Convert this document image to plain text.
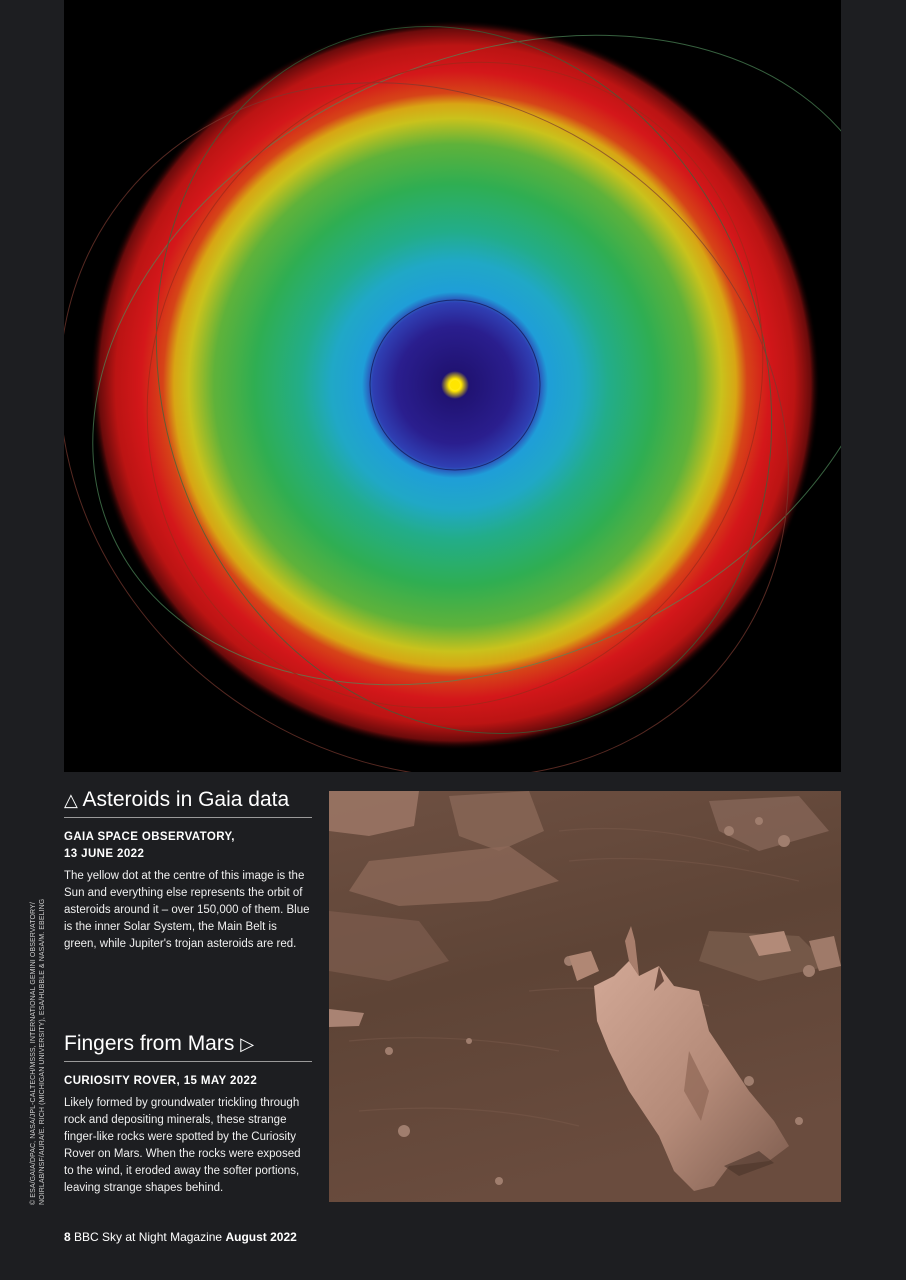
△ Asteroids in Gaia data
GAIA SPACE OBSERVATORY,
13 JUNE 2022
The yellow dot at the centre of this image is the Sun and everything else represents the orbit of asteroids around it – over 150,000 of them. Blue is the inner Solar System, the Main Belt is green, while Jupiter's trojan asteroids are red.
Fingers from Mars ▷
CURIOSITY ROVER, 15 MAY 2022
Likely formed by groundwater trickling through rock and depositing minerals, these strange finger-like rocks were spotted by the Curiosity Rover on Mars. When the rocks were exposed to the wind, it eroded away the softer portions, leaving strange shapes behind.
© ESA/GAIA/DPAC, NASA/JPL-CALTECH/MSSS, INTERNATIONAL GEMINI OBSERVATORY/ NOIRLAB/NSF/AURA/E. RICH (MICHIGAN UNIVERSITY), ESA/HUBBLE & NASA/M. EBELING
8 BBC Sky at Night Magazine August 2022
